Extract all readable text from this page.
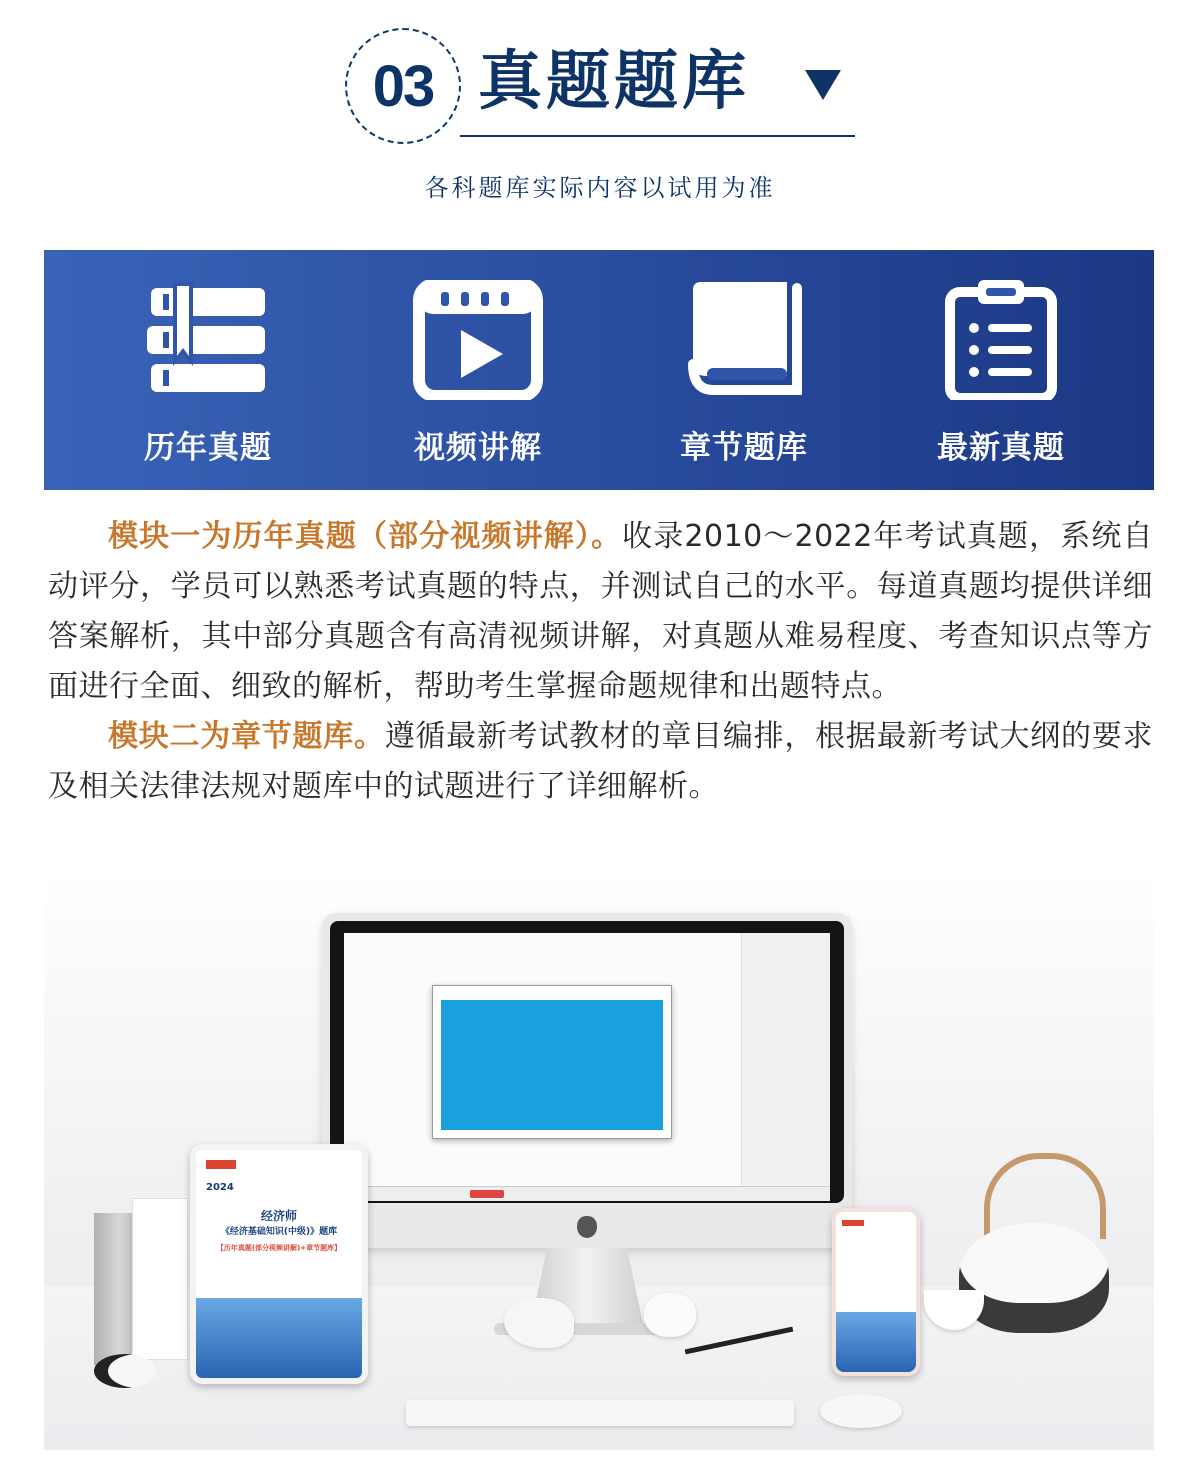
03 真题题库
各科题库实际内容以试用为准
历年真题	视频讲解	章节题库	最新真题

模块一为历年真题（部分视频讲解）。收录2010～2022年考试真题，系统自动评分，学员可以熟悉考试真题的特点，并测试自己的水平。每道真题均提供详细答案解析，其中部分真题含有高清视频讲解，对真题从难易程度、考查知识点等方面进行全面、细致的解析，帮助考生掌握命题规律和出题特点。

模块二为章节题库。遵循最新考试教材的章目编排，根据最新考试大纲的要求及相关法律法规对题库中的试题进行了详细解析。

2024
经济师
《经济基础知识(中级)》题库
【历年真题(部分视频讲解)+章节题库】
